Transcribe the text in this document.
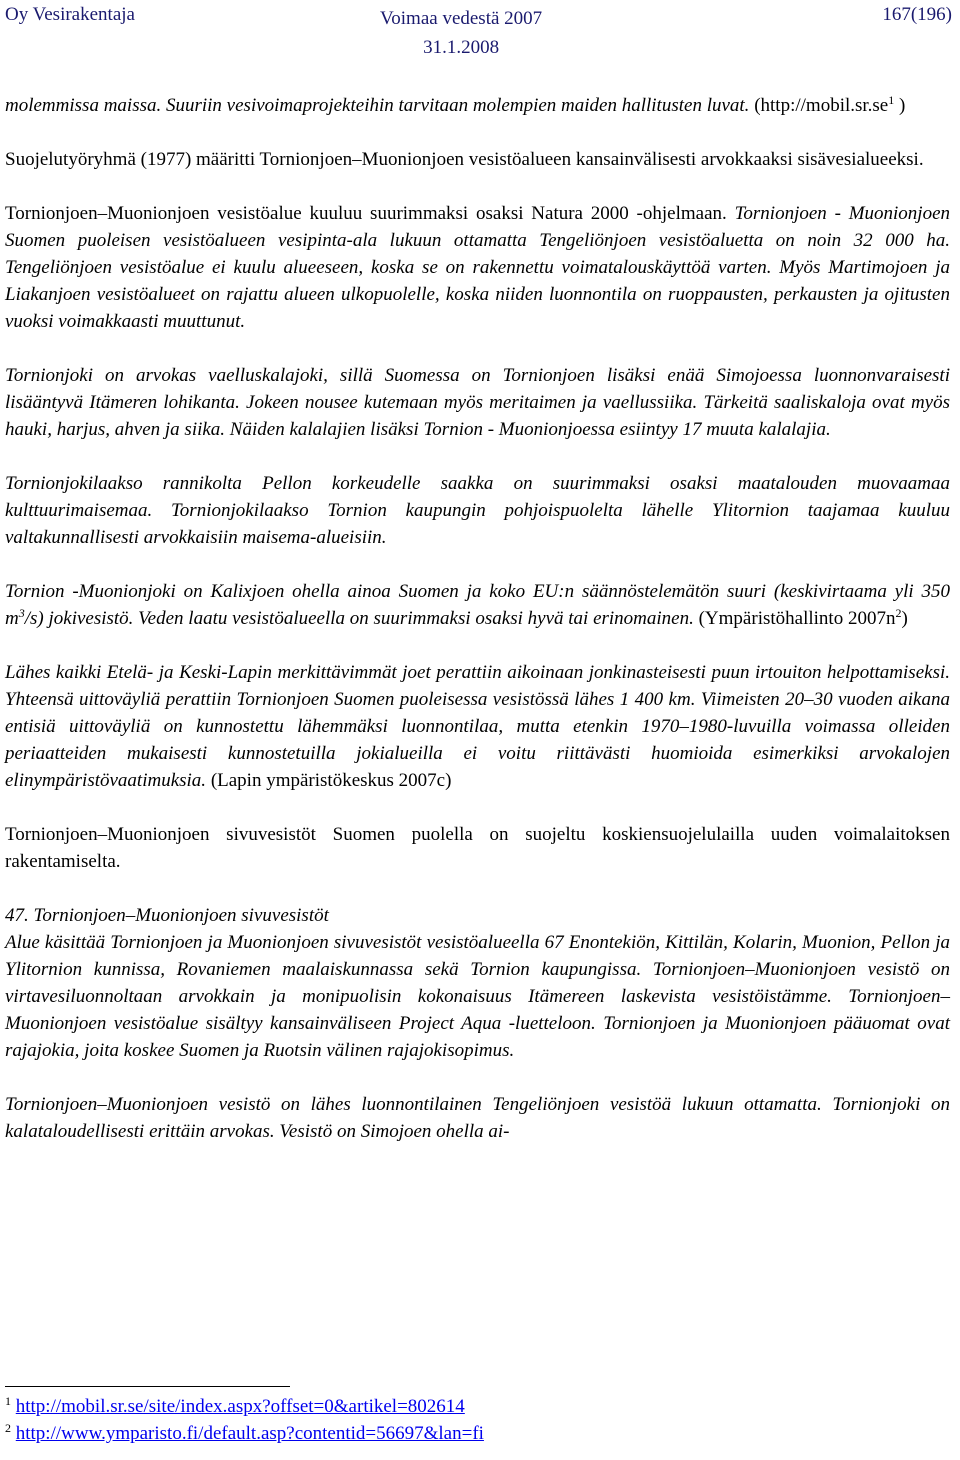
Oy Vesirakentaja	Voimaa vedestä 2007
31.1.2008
167(196)

molemmissa maissa. Suuriin vesivoimaprojekteihin tarvitaan molempien maiden hallitusten luvat. ($http://mobil.sr.se^1$ )

Suojelutyöryhmä (1977) määritti Tornionjoen–Muonionjoen vesistöalueen kansainvälisesti arvokkaaksi sisävesialueeksi.

Tornionjoen–Muonionjoen vesistöalue kuuluu suurimmaksi osaksi Natura 2000 -ohjelmaan. Tornionjoen - Muonionjoen Suomen puoleisen vesistöalueen vesipinta-ala lukuun ottamatta Tengeliönjoen vesistöaluetta on noin 32 000 ha. Tengeliönjoen vesistöalue ei kuulu alueeseen, koska se on rakennettu voimatalouskäyttöä varten. Myös Martimojoen ja Liakanjoen vesistöalueet on rajattu alueen ulkopuolelle, koska niiden luonnontila on ruoppausten, perkausten ja ojitusten vuoksi voimakkaasti muuttunut.

Tornionjoki on arvokas vaelluskalajoki, sillä Suomessa on Tornionjoen lisäksi enää Simojoessa luonnonvaraisesti lisääntyvä Itämeren lohikanta. Jokeen nousee kutemaan myös meritaimen ja vaellussiika. Tärkeitä saaliskaloja ovat myös hauki, harjus, ahven ja siika. Näiden kalalajien lisäksi Tornion - Muonionjoessa esiintyy 17 muuta kalalajia.

Tornionjokilaakso rannikolta Pellon korkeudelle saakka on suurimmaksi osaksi maatalouden muovaamaa kulttuurimaisemaa. Tornionjokilaakso Tornion kaupungin pohjoispuolelta lähelle Ylitornion taajamaa kuuluu valtakunnallisesti arvokkaisiin maisema-alueisiin.

Tornion -Muonionjoki on Kalixjoen ohella ainoa Suomen ja koko EU:n säännöstelemätön suuri (keskivirtaama yli 350 $m^3/s$) jokivesistö. Veden laatu vesistöalueella on suurimmaksi osaksi hyvä tai erinomainen. (Ympäristöhallinto $2007n^2$)

Lähes kaikki Etelä- ja Keski-Lapin merkittävimmät joet perattiin aikoinaan jonkinasteisesti puun irtouiton helpottamiseksi. Yhteensä uittoväyliä perattiin Tornionjoen Suomen puoleisessa vesistössä lähes 1 400 km. Viimeisten 20–30 vuoden aikana entisiä uittoväyliä on kunnostettu lähemmäksi luonnontilaa, mutta etenkin 1970–1980-luvuilla voimassa olleiden periaatteiden mukaisesti kunnostetuilla jokialueilla ei voitu riittävästi huomioida esimerkiksi arvokalojen elinympäristövaatimuksia. (Lapin ympäristökeskus 2007c)

Tornionjoen–Muonionjoen sivuvesistöt Suomen puolella on suojeltu koskiensuojelulailla uuden voimalaitoksen rakentamiselta.

47. Tornionjoen–Muonionjoen sivuvesistöt
Alue käsittää Tornionjoen ja Muonionjoen sivuvesistöt vesistöalueella 67 Enontekiön, Kittilän, Kolarin, Muonion, Pellon ja Ylitornion kunnissa, Rovaniemen maalaiskunnassa sekä Tornion kaupungissa. Tornionjoen–Muonionjoen vesistö on virtavesiluonnoltaan arvokkain ja monipuolisin kokonaisuus Itämereen laskevista vesistöistämme. Tornionjoen–Muonionjoen vesistöalue sisältyy kansainväliseen Project Aqua -luetteloon. Tornionjoen ja Muonionjoen pääuomat ovat rajajokia, joita koskee Suomen ja Ruotsin välinen rajajokisopimus.

Tornionjoen–Muonionjoen vesistö on lähes luonnontilainen Tengeliönjoen vesistöä lukuun ottamatta. Tornionjoki on kalataloudellisesti erittäin arvokas. Vesistö on Simojoen ohella ai-

$^1$ http://mobil.sr.se/site/index.aspx?offset=0&artikel=802614
$^2$ http://www.ymparisto.fi/default.asp?contentid=56697&lan=fi
